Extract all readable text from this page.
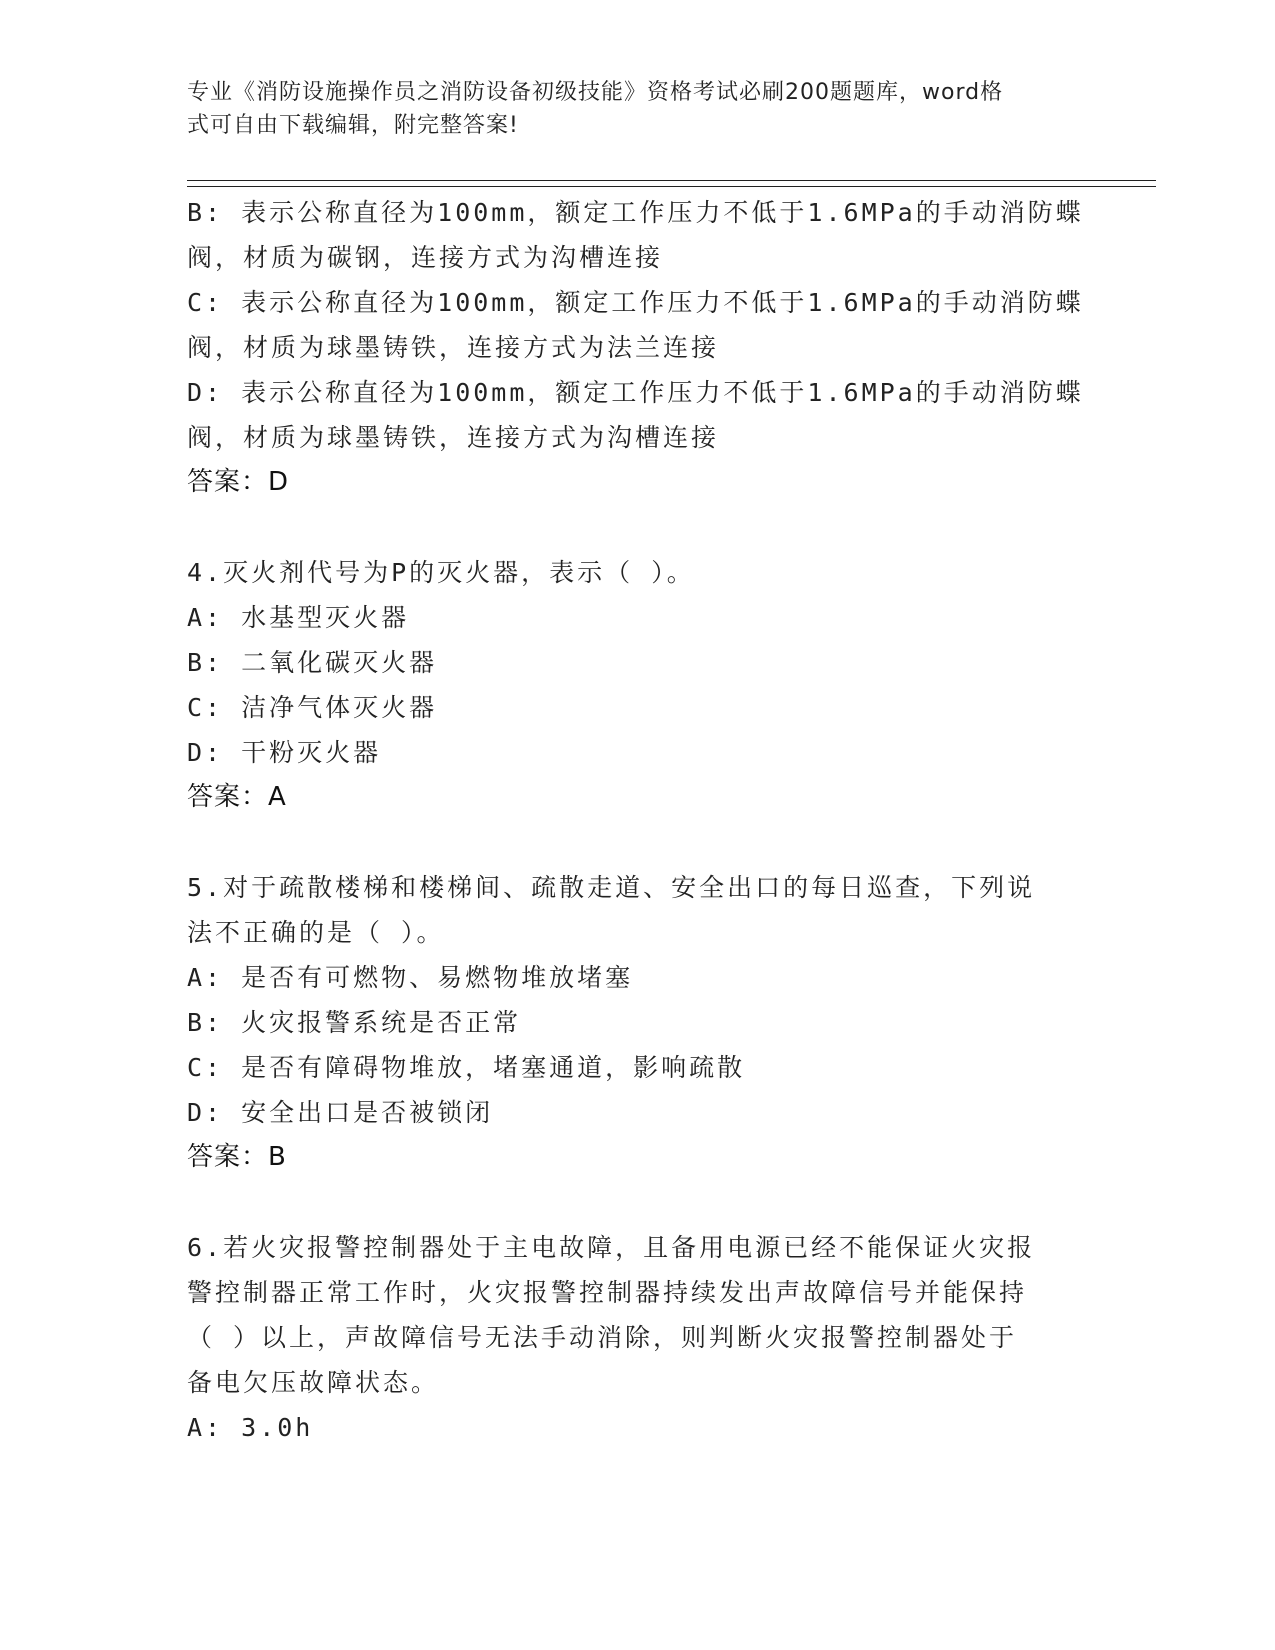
专业《消防设施操作员之消防设备初级技能》资格考试必刷200题题库，word格
式可自由下载编辑，附完整答案!
B: 表示公称直径为100mm，额定工作压力不低于1.6MPa的手动消防蝶
阀，材质为碳钢，连接方式为沟槽连接
C: 表示公称直径为100mm，额定工作压力不低于1.6MPa的手动消防蝶
阀，材质为球墨铸铁，连接方式为法兰连接
D: 表示公称直径为100mm，额定工作压力不低于1.6MPa的手动消防蝶
阀，材质为球墨铸铁，连接方式为沟槽连接
答案：D
4.灭火剂代号为P的灭火器，表示（ ）。
A: 水基型灭火器
B: 二氧化碳灭火器
C: 洁净气体灭火器
D: 干粉灭火器
答案：A
5.对于疏散楼梯和楼梯间、疏散走道、安全出口的每日巡查，下列说
法不正确的是（ ）。
A: 是否有可燃物、易燃物堆放堵塞
B: 火灾报警系统是否正常
C: 是否有障碍物堆放，堵塞通道，影响疏散
D: 安全出口是否被锁闭
答案：B
6.若火灾报警控制器处于主电故障，且备用电源已经不能保证火灾报
警控制器正常工作时，火灾报警控制器持续发出声故障信号并能保持
（ ）以上，声故障信号无法手动消除，则判断火灾报警控制器处于
备电欠压故障状态。
A: 3.0h
